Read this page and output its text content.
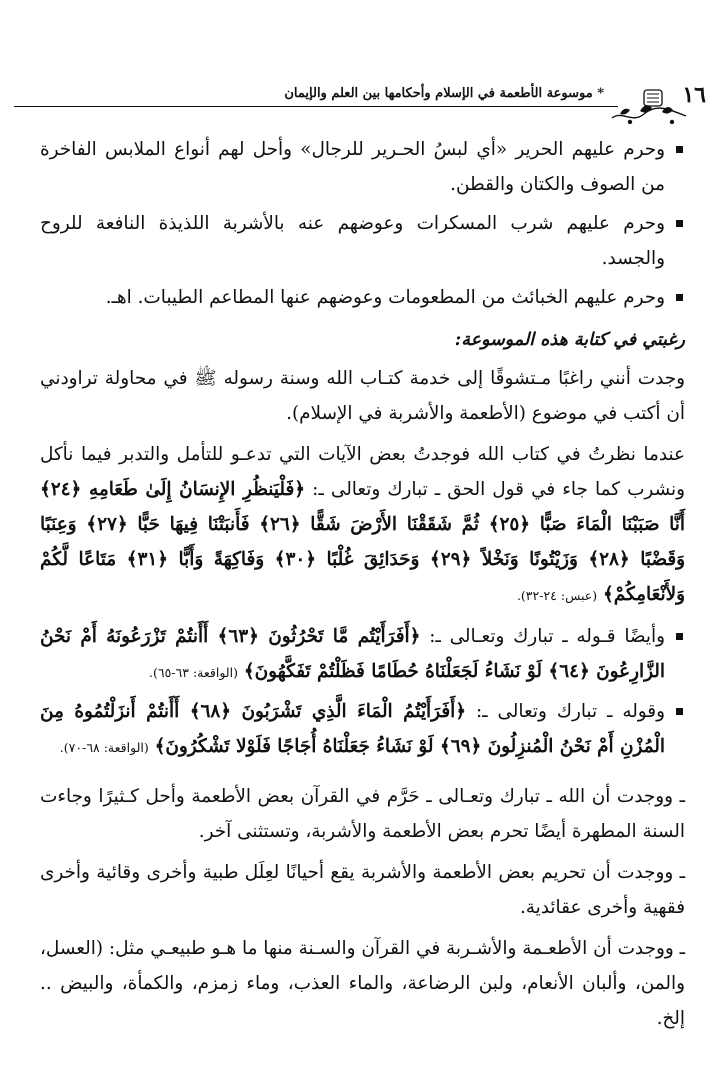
* موسوعة الأطعمة في الإسلام وأحكامها بين العلم والإيمان	١٦
وحرم عليهم الحرير «أي لبسُ الحـرير للرجال» وأحل لهم أنواع الملابس الفاخرة من الصوف والكتان والقطن.
وحرم عليهم شرب المسكرات وعوضهم عنه بالأشربة اللذيذة النافعة للروح والجسد.
وحرم عليهم الخبائث من المطعومات وعوضهم عنها المطاعم الطيبات. اهـ.
رغبتي في كتابة هذه الموسوعة:

وجدت أنني راغبًا مـتشوقًا إلى خدمة كتـاب الله وسنة رسوله ﷺ في محاولة تراودني أن أكتب في موضوع (الأطعمة والأشربة في الإسلام).

عندما نظرتُ في كتاب الله فوجدتُ بعض الآيات التي تدعـو للتأمل والتدبر فيما نأكل ونشرب كما جاء في قول الحق ـ تبارك وتعالى ـ: ﴿فَلْيَنظُرِ الإِنسَانُ إِلَىٰ طَعَامِهِ ﴿٢٤﴾ أَنَّا صَبَبْنَا الْمَاءَ صَبًّا ﴿٢٥﴾ ثُمَّ شَقَقْنَا الأَرْضَ شَقًّا ﴿٢٦﴾ فَأَنبَتْنَا فِيهَا حَبًّا ﴿٢٧﴾ وَعِنَبًا وَقَضْبًا ﴿٢٨﴾ وَزَيْتُونًا وَنَخْلاً ﴿٢٩﴾ وَحَدَائِقَ غُلْبًا ﴿٣٠﴾ وَفَاكِهَةً وَأَبًّا ﴿٣١﴾ مَتَاعًا لَّكُمْ وَلأَنْعَامِكُمْ﴾ (عبس: ٢٤-٣٢).

وأيضًا قـوله ـ تبارك وتعـالى ـ: ﴿أَفَرَأَيْتُم مَّا تَحْرُثُونَ ﴿٦٣﴾ أَأَنتُمْ تَزْرَعُونَهُ أَمْ نَحْنُ الزَّارِعُونَ ﴿٦٤﴾ لَوْ نَشَاءُ لَجَعَلْنَاهُ حُطَامًا فَظَلْتُمْ تَفَكَّهُونَ﴾ (الواقعة: ٦٣-٦٥).
وقوله ـ تبارك وتعالى ـ: ﴿أَفَرَأَيْتُمُ الْمَاءَ الَّذِي تَشْرَبُونَ ﴿٦٨﴾ أَأَنتُمْ أَنزَلْتُمُوهُ مِنَ الْمُزْنِ أَمْ نَحْنُ الْمُنزِلُونَ ﴿٦٩﴾ لَوْ نَشَاءُ جَعَلْنَاهُ أُجَاجًا فَلَوْلا تَشْكُرُونَ﴾ (الواقعة: ٦٨-٧٠).

ـ ووجدت أن الله ـ تبارك وتعـالى ـ حَرَّم في القرآن بعض الأطعمة وأحل كـثيرًا وجاءت السنة المطهرة أيضًا تحرم بعض الأطعمة والأشربة، وتستثنى آخر.

ـ ووجدت أن تحريم بعض الأطعمة والأشربة يقع أحيانًا لعِلَل طبية وأخرى وقائية وأخرى فقهية وأخرى عقائدية.

ـ ووجدت أن الأطعـمة والأشـربة في القرآن والسـنة منها ما هـو طبيعـي مثل: (العسل، والمن، وألبان الأنعام، ولبن الرضاعة، والماء العذب، وماء زمزم، والكمأة، والبيض .. إلخ.
